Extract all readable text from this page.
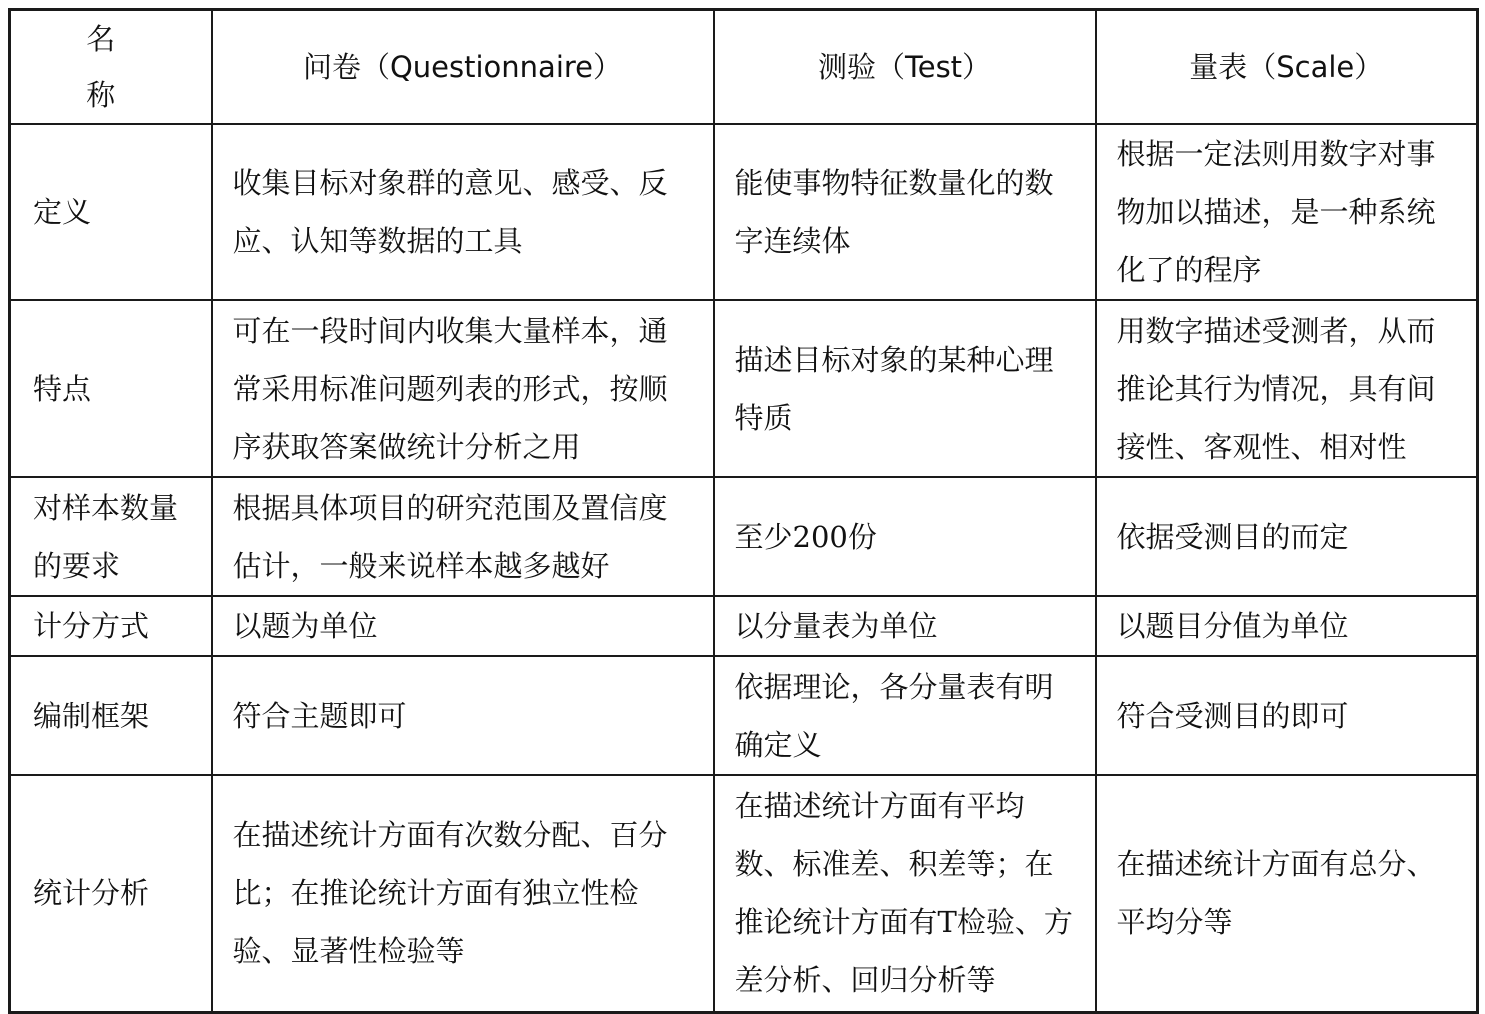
名称	问卷（Questionnaire）	测验（Test）	量表（Scale）
定义	收集目标对象群的意见、感受、反应、认知等数据的工具	能使事物特征数量化的数字连续体	根据一定法则用数字对事物加以描述，是一种系统化了的程序
特点	可在一段时间内收集大量样本，通常采用标准问题列表的形式，按顺序获取答案做统计分析之用	描述目标对象的某种心理特质	用数字描述受测者，从而推论其行为情况，具有间接性、客观性、相对性
对样本数量的要求	根据具体项目的研究范围及置信度估计，一般来说样本越多越好	至少200份	依据受测目的而定
计分方式	以题为单位	以分量表为单位	以题目分值为单位
编制框架	符合主题即可	依据理论，各分量表有明确定义	符合受测目的即可
统计分析	在描述统计方面有次数分配、百分比；在推论统计方面有独立性检验、显著性检验等	在描述统计方面有平均数、标准差、积差等；在推论统计方面有T检验、方差分析、回归分析等	在描述统计方面有总分、平均分等
